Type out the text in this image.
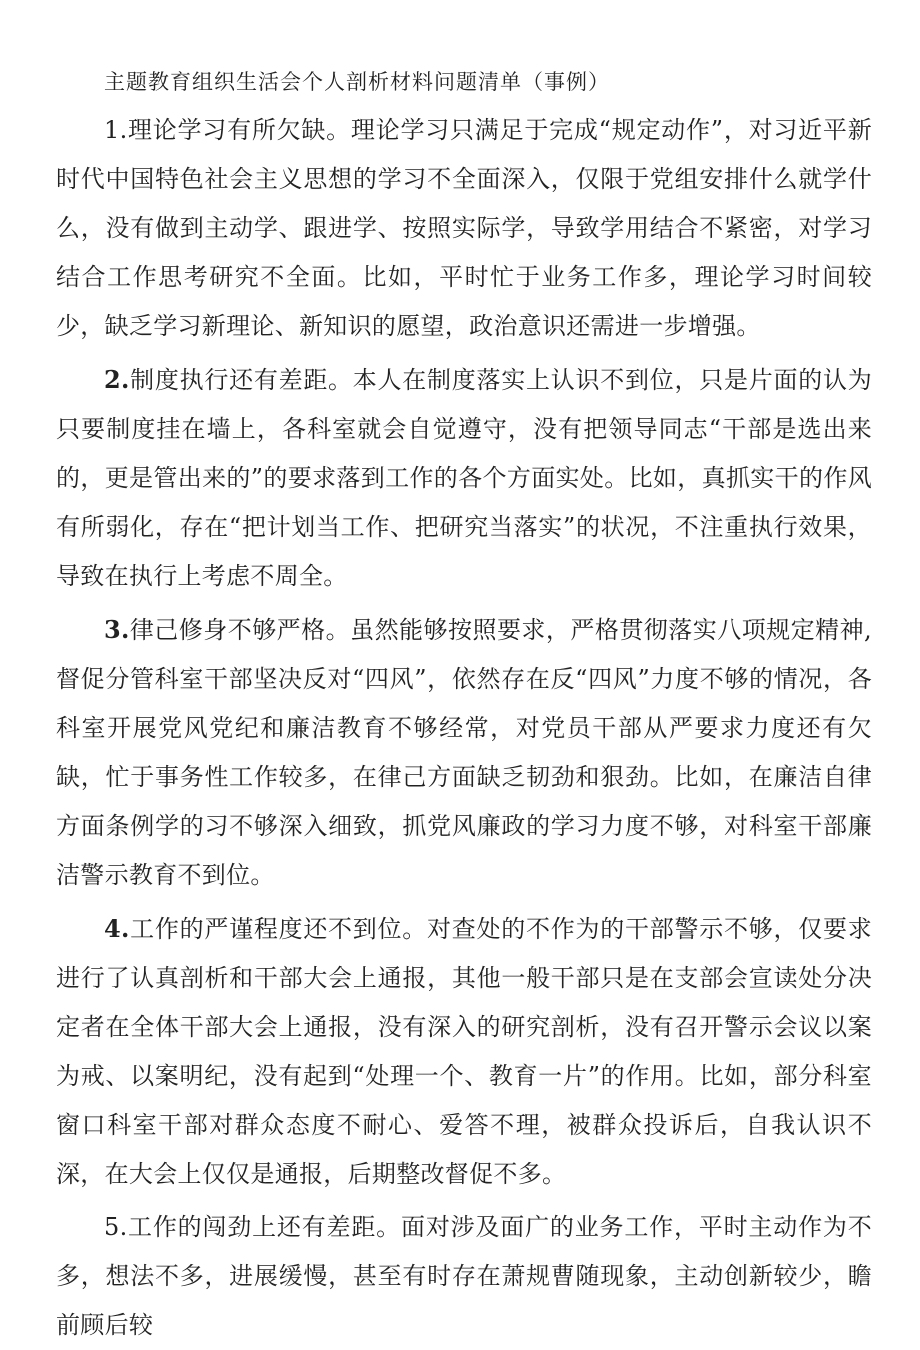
主题教育组织生活会个人剖析材料问题清单（事例）

1.理论学习有所欠缺。理论学习只满足于完成“规定动作”，对习近平新时代中国特色社会主义思想的学习不全面深入，仅限于党组安排什么就学什么，没有做到主动学、跟进学、按照实际学，导致学用结合不紧密，对学习结合工作思考研究不全面。比如，平时忙于业务工作多，理论学习时间较少，缺乏学习新理论、新知识的愿望，政治意识还需进一步增强。

2.制度执行还有差距。本人在制度落实上认识不到位，只是片面的认为只要制度挂在墙上，各科室就会自觉遵守，没有把领导同志“干部是选出来的，更是管出来的”的要求落到工作的各个方面实处。比如，真抓实干的作风有所弱化，存在“把计划当工作、把研究当落实”的状况，不注重执行效果，导致在执行上考虑不周全。

3.律己修身不够严格。虽然能够按照要求，严格贯彻落实八项规定精神,督促分管科室干部坚决反对“四风”，依然存在反“四风”力度不够的情况，各科室开展党风党纪和廉洁教育不够经常，对党员干部从严要求力度还有欠缺，忙于事务性工作较多，在律己方面缺乏韧劲和狠劲。比如，在廉洁自律方面条例学的习不够深入细致，抓党风廉政的学习力度不够，对科室干部廉洁警示教育不到位。

4.工作的严谨程度还不到位。对查处的不作为的干部警示不够，仅要求进行了认真剖析和干部大会上通报，其他一般干部只是在支部会宣读处分决定者在全体干部大会上通报，没有深入的研究剖析，没有召开警示会议以案为戒、以案明纪，没有起到“处理一个、教育一片”的作用。比如，部分科室窗口科室干部对群众态度不耐心、爱答不理，被群众投诉后，自我认识不深，在大会上仅仅是通报，后期整改督促不多。

5.工作的闯劲上还有差距。面对涉及面广的业务工作，平时主动作为不多，想法不多，进展缓慢，甚至有时存在萧规曹随现象，主动创新较少，瞻前顾后较
